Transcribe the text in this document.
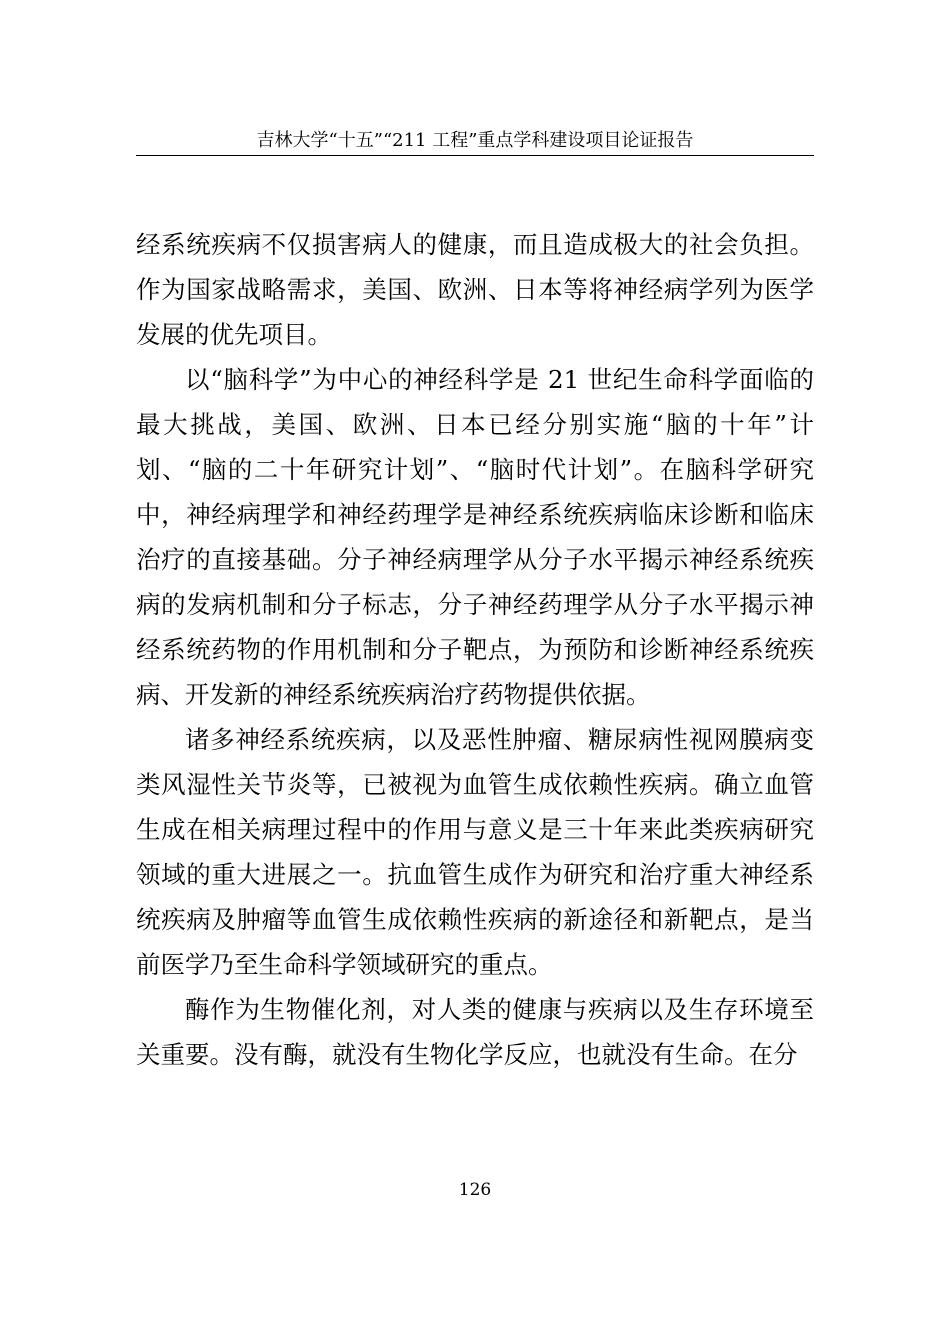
吉林大学“十五”“211 工程”重点学科建设项目论证报告

经系统疾病不仅损害病人的健康，而且造成极大的社会负担。作为国家战略需求，美国、欧洲、日本等将神经病学列为医学发展的优先项目。

以“脑科学”为中心的神经科学是 21 世纪生命科学面临的最大挑战，美国、欧洲、日本已经分别实施“脑的十年”计划、“脑的二十年研究计划”、“脑时代计划”。在脑科学研究中，神经病理学和神经药理学是神经系统疾病临床诊断和临床治疗的直接基础。分子神经病理学从分子水平揭示神经系统疾病的发病机制和分子标志，分子神经药理学从分子水平揭示神经系统药物的作用机制和分子靶点，为预防和诊断神经系统疾病、开发新的神经系统疾病治疗药物提供依据。

诸多神经系统疾病，以及恶性肿瘤、糖尿病性视网膜病变类风湿性关节炎等，已被视为血管生成依赖性疾病。确立血管生成在相关病理过程中的作用与意义是三十年来此类疾病研究领域的重大进展之一。抗血管生成作为研究和治疗重大神经系统疾病及肿瘤等血管生成依赖性疾病的新途径和新靶点，是当前医学乃至生命科学领域研究的重点。

酶作为生物催化剂，对人类的健康与疾病以及生存环境至关重要。没有酶，就没有生物化学反应，也就没有生命。在分

126
